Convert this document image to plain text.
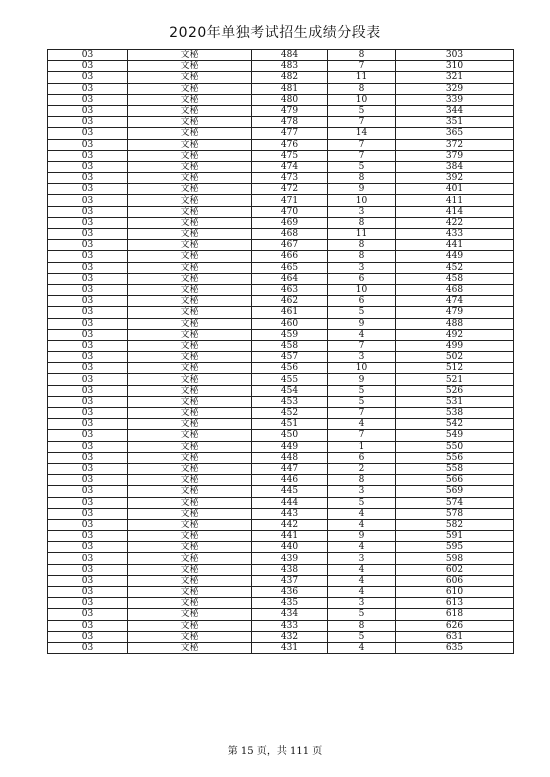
2020年单独考试招生成绩分段表
03	文秘	484	8	303
03	文秘	483	7	310
03	文秘	482	11	321
03	文秘	481	8	329
03	文秘	480	10	339
03	文秘	479	5	344
03	文秘	478	7	351
03	文秘	477	14	365
03	文秘	476	7	372
03	文秘	475	7	379
03	文秘	474	5	384
03	文秘	473	8	392
03	文秘	472	9	401
03	文秘	471	10	411
03	文秘	470	3	414
03	文秘	469	8	422
03	文秘	468	11	433
03	文秘	467	8	441
03	文秘	466	8	449
03	文秘	465	3	452
03	文秘	464	6	458
03	文秘	463	10	468
03	文秘	462	6	474
03	文秘	461	5	479
03	文秘	460	9	488
03	文秘	459	4	492
03	文秘	458	7	499
03	文秘	457	3	502
03	文秘	456	10	512
03	文秘	455	9	521
03	文秘	454	5	526
03	文秘	453	5	531
03	文秘	452	7	538
03	文秘	451	4	542
03	文秘	450	7	549
03	文秘	449	1	550
03	文秘	448	6	556
03	文秘	447	2	558
03	文秘	446	8	566
03	文秘	445	3	569
03	文秘	444	5	574
03	文秘	443	4	578
03	文秘	442	4	582
03	文秘	441	9	591
03	文秘	440	4	595
03	文秘	439	3	598
03	文秘	438	4	602
03	文秘	437	4	606
03	文秘	436	4	610
03	文秘	435	3	613
03	文秘	434	5	618
03	文秘	433	8	626
03	文秘	432	5	631
03	文秘	431	4	635
第 15 页，共 111 页
